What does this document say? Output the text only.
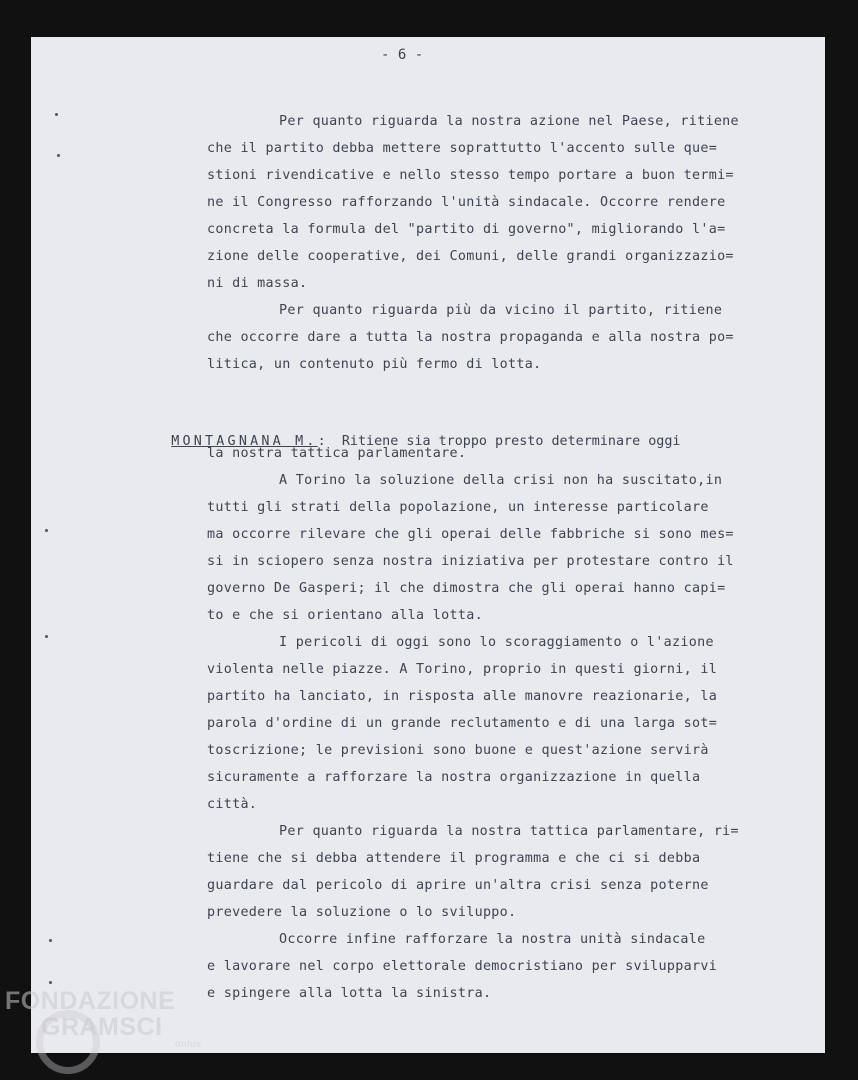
- 6 -
Per quanto riguarda la nostra azione nel Paese, ritiene
che il partito debba mettere soprattutto l'accento sulle que=
stioni rivendicative e nello stesso tempo portare a buon termi=
ne il Congresso rafforzando l'unità sindacale. Occorre rendere
concreta la formula del "partito di governo", migliorando l'a=
zione delle cooperative, dei Comuni, delle grandi organizzazio=
ni di massa.
Per quanto riguarda più da vicino il partito, ritiene
che occorre dare a tutta la nostra propaganda e alla nostra po=
litica, un contenuto più fermo di lotta.

MONTAGNANA M.: Ritiene sia troppo presto determinare oggi

la nostra tattica parlamentare.
A Torino la soluzione della crisi non ha suscitato,in
tutti gli strati della popolazione, un interesse particolare
ma occorre rilevare che gli operai delle fabbriche si sono mes=
si in sciopero senza nostra iniziativa per protestare contro il
governo De Gasperi; il che dimostra che gli operai hanno capi=
to e che si orientano alla lotta.
I pericoli di oggi sono lo scoraggiamento o l'azione
violenta nelle piazze. A Torino, proprio in questi giorni, il
partito ha lanciato, in risposta alle manovre reazionarie, la
parola d'ordine di un grande reclutamento e di una larga sot=
toscrizione; le previsioni sono buone e quest'azione servirà
sicuramente a rafforzare la nostra organizzazione in quella
città.
Per quanto riguarda la nostra tattica parlamentare, ri=
tiene che si debba attendere il programma e che ci si debba
guardare dal pericolo di aprire un'altra crisi senza poterne
prevedere la soluzione o lo sviluppo.
Occorre infine rafforzare la nostra unità sindacale
e lavorare nel corpo elettorale democristiano per svilupparvi
e spingere alla lotta la sinistra.
FONDAZIONE
GRAMSCI
onlus
